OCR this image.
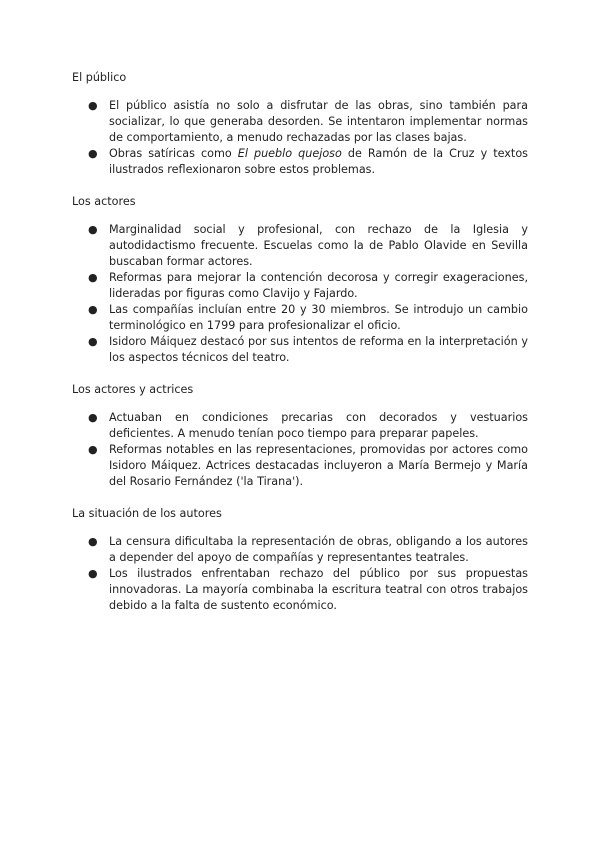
El público
● El público asistía no solo a disfrutar de las obras, sino también para socializar, lo que generaba desorden. Se intentaron implementar normas de comportamiento, a menudo rechazadas por las clases bajas.
● Obras satíricas como El pueblo quejoso de Ramón de la Cruz y textos ilustrados reflexionaron sobre estos problemas.
Los actores
● Marginalidad social y profesional, con rechazo de la Iglesia y autodidactismo frecuente. Escuelas como la de Pablo Olavide en Sevilla buscaban formar actores.
● Reformas para mejorar la contención decorosa y corregir exageraciones, lideradas por figuras como Clavijo y Fajardo.
● Las compañías incluían entre 20 y 30 miembros. Se introdujo un cambio terminológico en 1799 para profesionalizar el oficio.
● Isidoro Máiquez destacó por sus intentos de reforma en la interpretación y los aspectos técnicos del teatro.
Los actores y actrices
● Actuaban en condiciones precarias con decorados y vestuarios deficientes. A menudo tenían poco tiempo para preparar papeles.
● Reformas notables en las representaciones, promovidas por actores como Isidoro Máiquez. Actrices destacadas incluyeron a María Bermejo y María del Rosario Fernández ('la Tirana').
La situación de los autores
● La censura dificultaba la representación de obras, obligando a los autores a depender del apoyo de compañías y representantes teatrales.
● Los ilustrados enfrentaban rechazo del público por sus propuestas innovadoras. La mayoría combinaba la escritura teatral con otros trabajos debido a la falta de sustento económico.
